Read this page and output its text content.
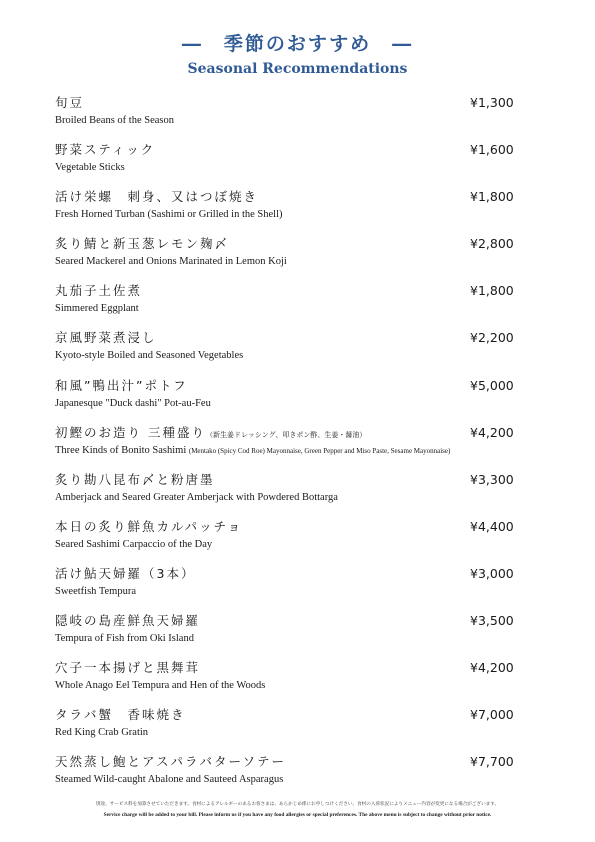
―　季節のおすすめ　―
Seasonal Recommendations
旬豆
Broiled Beans of the Season
¥1,300
野菜スティック
Vegetable Sticks
¥1,600
活け栄螺　刺身、又はつぼ焼き
Fresh Horned Turban (Sashimi or Grilled in the Shell)
¥1,800
炙り鯖と新玉葱レモン麹〆
Seared Mackerel and Onions Marinated in Lemon Koji
¥2,800
丸茄子土佐煮
Simmered Eggplant
¥1,800
京風野菜煮浸し
Kyoto-style Boiled and Seasoned Vegetables
¥2,200
和風”鴨出汁”ポトフ
Japanesque "Duck dashi" Pot-au-Feu
¥5,000
初鰹のお造り 三種盛り（新生姜ドレッシング、叩きポン酢、生姜・醤油）
Three Kinds of Bonito Sashimi (Mentako (Spicy Cod Roe) Mayonnaise, Green Pepper and Miso Paste, Sesame Mayonnaise)
¥4,200
炙り勘八昆布〆と粉唐墨
Amberjack and Seared Greater Amberjack with Powdered Bottarga
¥3,300
本日の炙り鮮魚カルパッチョ
Seared Sashimi Carpaccio of the Day
¥4,400
活け鮎天婦羅（3本）
Sweetfish Tempura
¥3,000
隠岐の島産鮮魚天婦羅
Tempura of Fish from Oki Island
¥3,500
穴子一本揚げと黒舞茸
Whole Anago Eel Tempura and Hen of the Woods
¥4,200
タラバ蟹　香味焼き
Red King Crab Gratin
¥7,000
天然蒸し鮑とアスパラバターソテー
Steamed Wild-caught Abalone and Sauteed Asparagus
¥7,700
別途、サービス料を加算させていただきます。食材によるアレルギーのあるお客さまは、あらかじめ係にお申しつけください。食材の入荷状況によりメニュー内容が変更になる場合がございます。
Service charge will be added to your bill. Please inform us if you have any food allergies or special preferences. The above menu is subject to change without prior notice.
